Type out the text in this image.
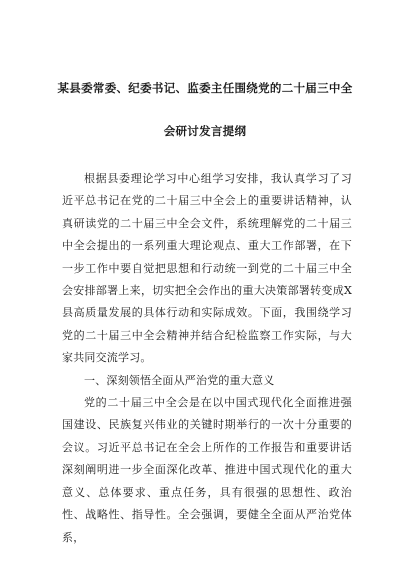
某县委常委、纪委书记、监委主任围绕党的二十届三中全
会研讨发言提纲

根据县委理论学习中心组学习安排，我认真学习了习近平总书记在党的二十届三中全会上的重要讲话精神，认真研读党的二十届三中全会文件，系统理解党的二十届三中全会提出的一系列重大理论观点、重大工作部署，在下一步工作中要自觉把思想和行动统一到党的二十届三中全会安排部署上来，切实把全会作出的重大决策部署转变成X县高质量发展的具体行动和实际成效。下面，我围绕学习党的二十届三中全会精神并结合纪检监察工作实际，与大家共同交流学习。

一、深刻领悟全面从严治党的重大意义

党的二十届三中全会是在以中国式现代化全面推进强国建设、民族复兴伟业的关键时期举行的一次十分重要的会议。习近平总书记在全会上所作的工作报告和重要讲话深刻阐明进一步全面深化改革、推进中国式现代化的重大意义、总体要求、重点任务，具有很强的思想性、政治性、战略性、指导性。全会强调，要健全全面从严治党体系，
